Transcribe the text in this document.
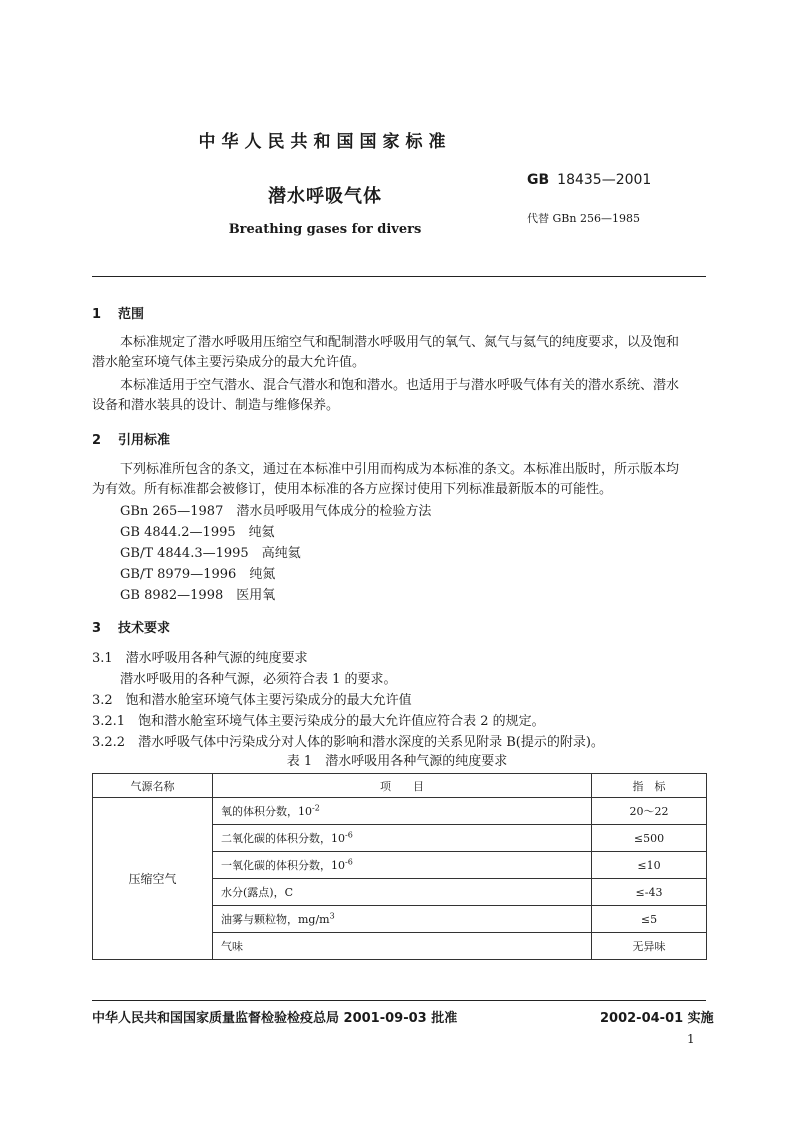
中华人民共和国国家标准
GB 18435—2001
潜水呼吸气体
代替 GBn 256—1985
Breathing gases for divers
1 范围
本标准规定了潜水呼吸用压缩空气和配制潜水呼吸用气的氧气、氮气与氦气的纯度要求，以及饱和
潜水舱室环境气体主要污染成分的最大允许值。
本标准适用于空气潜水、混合气潜水和饱和潜水。也适用于与潜水呼吸气体有关的潜水系统、潜水
设备和潜水装具的设计、制造与维修保养。
2 引用标准
下列标准所包含的条文，通过在本标准中引用而构成为本标准的条文。本标准出版时，所示版本均
为有效。所有标准都会被修订，使用本标准的各方应探讨使用下列标准最新版本的可能性。
GBn 265—1987　 潜水员呼吸用气体成分的检验方法
GB 4844.2—1995　 纯氦
GB/T 4844.3—1995　 高纯氦
GB/T 8979—1996　 纯氮
GB 8982—1998　 医用氧
3 技术要求
3.1　潜水呼吸用各种气源的纯度要求
潜水呼吸用的各种气源，必须符合表 1 的要求。
3.2　饱和潜水舱室环境气体主要污染成分的最大允许值
3.2.1　饱和潜水舱室环境气体主要污染成分的最大允许值应符合表 2 的规定。
3.2.2　潜水呼吸气体中污染成分对人体的影响和潜水深度的关系见附录 B(提示的附录)。
表 1　潜水呼吸用各种气源的纯度要求
气源名称	项　　目	指　标
压缩空气	氧的体积分数，$10^{-2}$	20～22
	二氧化碳的体积分数，$10^{-6}$	≤500
	一氧化碳的体积分数，$10^{-6}$	≤10
	水分(露点)，C	≤-43
	油雾与颗粒物，$mg/m^3$	≤5
	气味	无异味
中华人民共和国国家质量监督检验检疫总局 2001-09-03 批准	2002-04-01 实施
1
